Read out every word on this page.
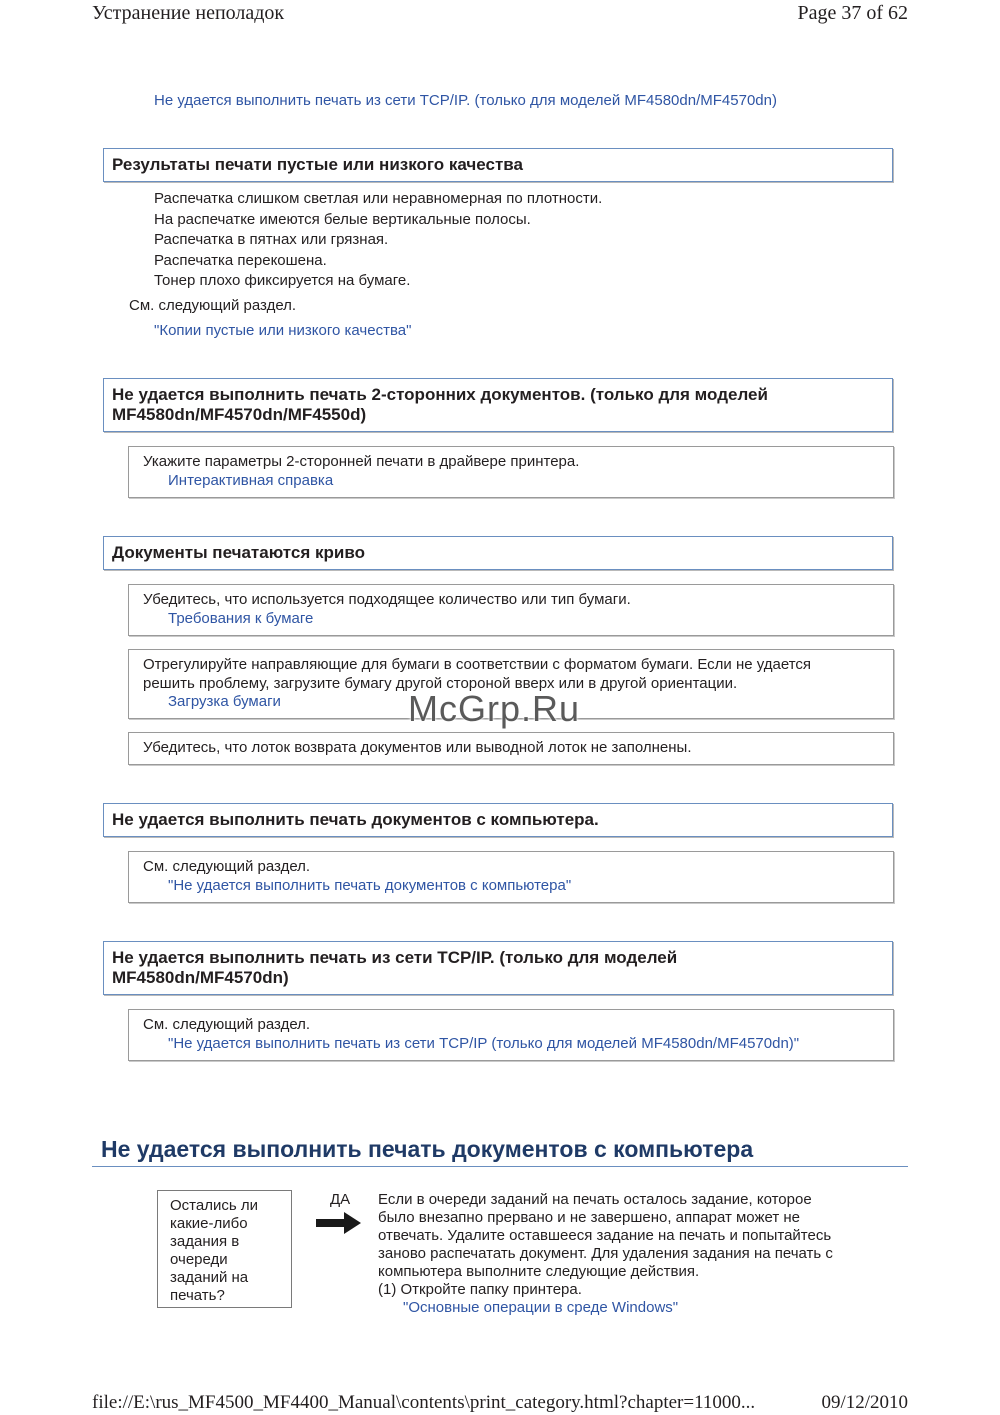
Устранение неполадок	Page 37 of 62
Не удается выполнить печать из сети TCP/IP. (только для моделей MF4580dn/MF4570dn)
Результаты печати пустые или низкого качества
Распечатка слишком светлая или неравномерная по плотности.
На распечатке имеются белые вертикальные полосы.
Распечатка в пятнах или грязная.
Распечатка перекошена.
Тонер плохо фиксируется на бумаге.
См. следующий раздел.
"Копии пустые или низкого качества"
Не удается выполнить печать 2-сторонних документов. (только для моделей
MF4580dn/MF4570dn/MF4550d)
Укажите параметры 2-сторонней печати в драйвере принтера.
Интерактивная справка
Документы печатаются криво
Убедитесь, что используется подходящее количество или тип бумаги.
Требования к бумаге
Отрегулируйте направляющие для бумаги в соответствии с форматом бумаги. Если не удается
решить проблему, загрузите бумагу другой стороной вверх или в другой ориентации.
Загрузка бумаги
Убедитесь, что лоток возврата документов или выводной лоток не заполнены.
McGrp.Ru
Не удается выполнить печать документов с компьютера.
См. следующий раздел.
"Не удается выполнить печать документов с компьютера"
Не удается выполнить печать из сети TCP/IP. (только для моделей
MF4580dn/MF4570dn)
См. следующий раздел.
"Не удается выполнить печать из сети TCP/IP (только для моделей MF4580dn/MF4570dn)"
Не удается выполнить печать документов с компьютера
Остались ли
какие-либо
задания в
очереди
заданий на
печать?
ДА Если в очереди заданий на печать осталось задание, которое
было внезапно прервано и не завершено, аппарат может не
отвечать. Удалите оставшееся задание на печать и попытайтесь
заново распечатать документ. Для удаления задания на печать с
компьютера выполните следующие действия.
(1) Откройте папку принтера.
"Основные операции в среде Windows"
file://E:\rus_MF4500_MF4400_Manual\contents\print_category.html?chapter=11000...	09/12/2010
